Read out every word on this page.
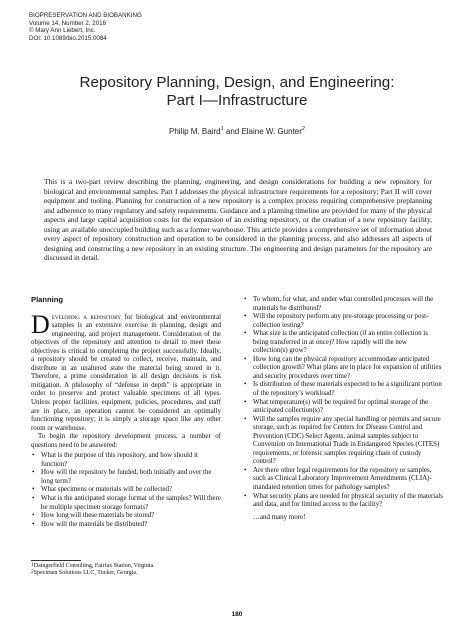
BIOPRESERVATION AND BIOBANKING
Volume 14, Number 2, 2016
© Mary Ann Liebert, Inc.
DOI: 10.1089/bio.2015.0084
Repository Planning, Design, and Engineering:
Part I—Infrastructure
Philip M. Baird$^1$ and Elaine W. Gunter$^2$

This is a two-part review describing the planning, engineering, and design considerations for building a new repository for biological and environmental samples. Part I addresses the physical infrastructure requirements for a repository; Part II will cover equipment and tooling. Planning for construction of a new repository is a complex process requiring comprehensive preplanning and adherence to many regulatory and safety requirements. Guidance and a planning timeline are provided for many of the physical aspects and large capital acquisition costs for the expansion of an existing repository, or the creation of a new repository facility, using an available unoccupied building such as a former warehouse. This article provides a comprehensive set of information about every aspect of repository construction and operation to be considered in the planning process, and also addresses all aspects of designing and constructing a new repository in an existing structure. The engineering and design parameters for the repository are discussed in detail.

Planning

Developing a repository for biological and environmental samples is an extensive exercise in planning, design and engineering, and project management. Consideration of the objectives of the repository and attention to detail to meet these objectives is critical to completing the project successfully. Ideally, a repository should be created to collect, receive, maintain, and distribute in an unaltered state the material being stored in it. Therefore, a prime consideration in all design decisions is risk mitigation. A philosophy of “defense in depth” is appropriate in order to preserve and protect valuable specimens of all types. Unless proper facilities, equipment, policies, procedures, and staff are in place, an operation cannot be considered an optimally functioning repository; it is simply a storage space like any other room or warehouse.

To begin the repository development process, a number of questions need to be answered:

• What is the purpose of this repository, and how should it function?
• How will the repository be funded, both initially and over the long term?
• What specimens or materials will be collected?
• What is the anticipated storage format of the samples? Will there be multiple specimen storage formats?
• How long will these materials be stored?
• How will the materials be distributed?
• To whom, for what, and under what controlled processes will the materials be distributed?
• Will the repository perform any pre-storage processing or post-collection testing?
• What size is the anticipated collection (if an entire collection is being transferred in at once)? How rapidly will the new collection(s) grow?
• How long can the physical repository accommodate anticipated collection growth? What plans are in place for expansion of utilities and security procedures over time?
• Is distribution of these materials expected to be a significant portion of the repository’s workload?
• What temperature(s) will be required for optimal storage of the anticipated collection(s)?
• Will the samples require any special handling or permits and secure storage, such as required for Centers for Disease Control and Prevention (CDC) Select Agents, animal samples subject to Convention on International Trade in Endangered Species (CITES) requirements, or forensic samples requiring chain of custody control?
• Are there other legal requirements for the repository or samples, such as Clinical Laboratory Improvement Amendments (CLIA)-mandated retention times for pathology samples?
• What security plans are needed for physical security of the materials and data, and for limited access to the facility?
…and many more!
$^1$Daingerfield Consulting, Fairfax Station, Virginia.
$^2$Specimen Solutions LLC, Tucker, Georgia.
180
